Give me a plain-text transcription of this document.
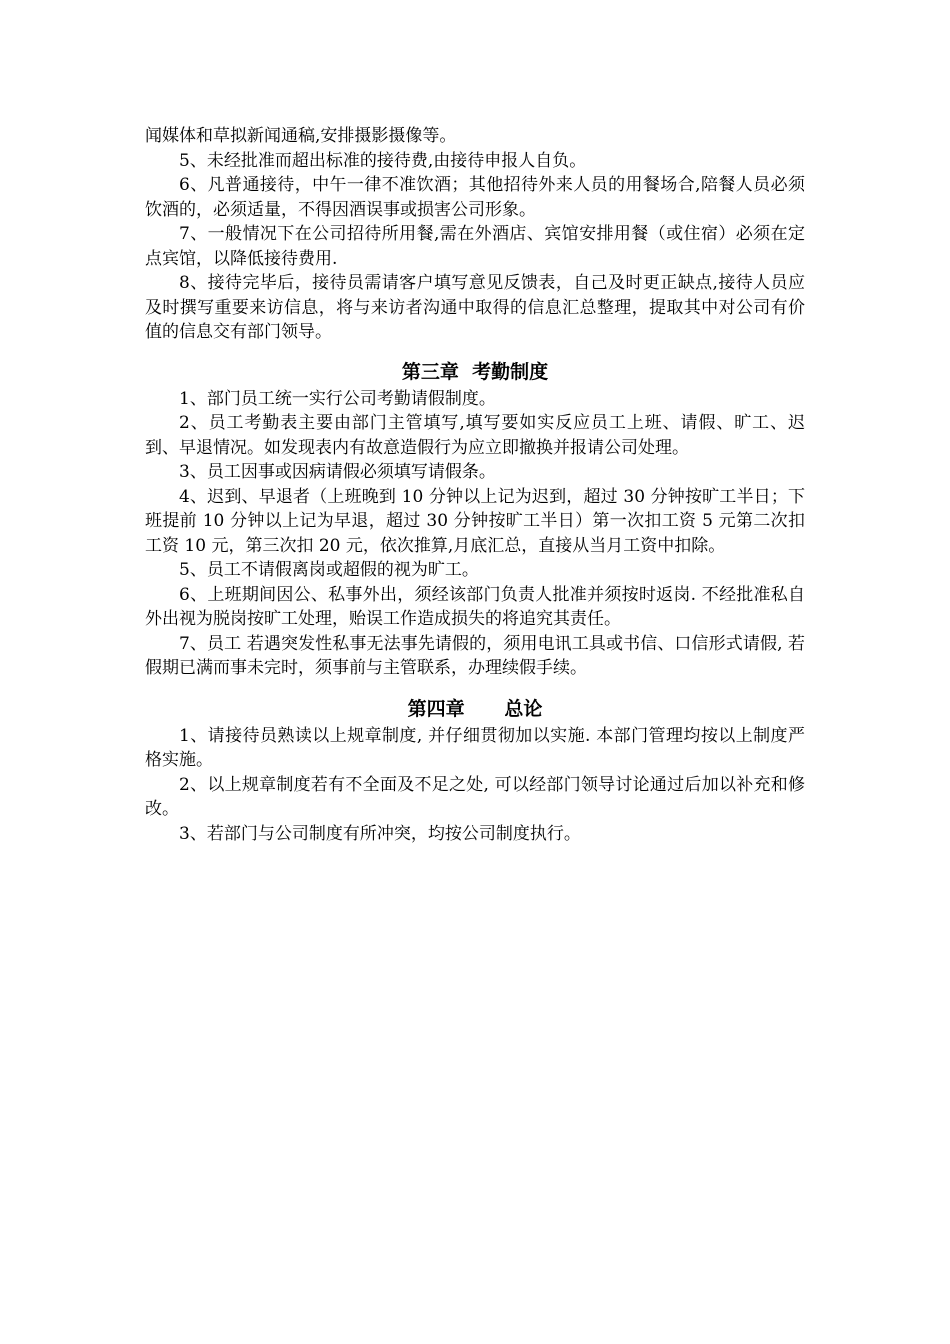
闻媒体和草拟新闻通稿,安排摄影摄像等。

5、未经批准而超出标准的接待费,由接待申报人自负。

6、凡普通接待，中午一律不准饮酒；其他招待外来人员的用餐场合,陪餐人员必须饮酒的，必须适量，不得因酒误事或损害公司形象。

7、一般情况下在公司招待所用餐,需在外酒店、宾馆安排用餐（或住宿）必须在定点宾馆，以降低接待费用.

8、接待完毕后，接待员需请客户填写意见反馈表，自己及时更正缺点,接待人员应及时撰写重要来访信息，将与来访者沟通中取得的信息汇总整理，提取其中对公司有价值的信息交有部门领导。

第三章  考勤制度

1、部门员工统一实行公司考勤请假制度。

2、员工考勤表主要由部门主管填写,填写要如实反应员工上班、请假、旷工、迟到、早退情况。如发现表内有故意造假行为应立即撤换并报请公司处理。

3、员工因事或因病请假必须填写请假条。

4、迟到、早退者（上班晚到 10 分钟以上记为迟到，超过 30 分钟按旷工半日；下班提前 10 分钟以上记为早退，超过 30 分钟按旷工半日）第一次扣工资 5 元第二次扣工资 10 元，第三次扣 20 元，依次推算,月底汇总，直接从当月工资中扣除。

5、员工不请假离岗或超假的视为旷工。

6、上班期间因公、私事外出，须经该部门负责人批准并须按时返岗. 不经批准私自外出视为脱岗按旷工处理，贻误工作造成损失的将追究其责任。

7、员工 若遇突发性私事无法事先请假的，须用电讯工具或书信、口信形式请假, 若假期已满而事未完时，须事前与主管联系，办理续假手续。

第四章      总论

1、请接待员熟读以上规章制度, 并仔细贯彻加以实施. 本部门管理均按以上制度严格实施。

2、以上规章制度若有不全面及不足之处, 可以经部门领导讨论通过后加以补充和修改。

3、若部门与公司制度有所冲突，均按公司制度执行。
